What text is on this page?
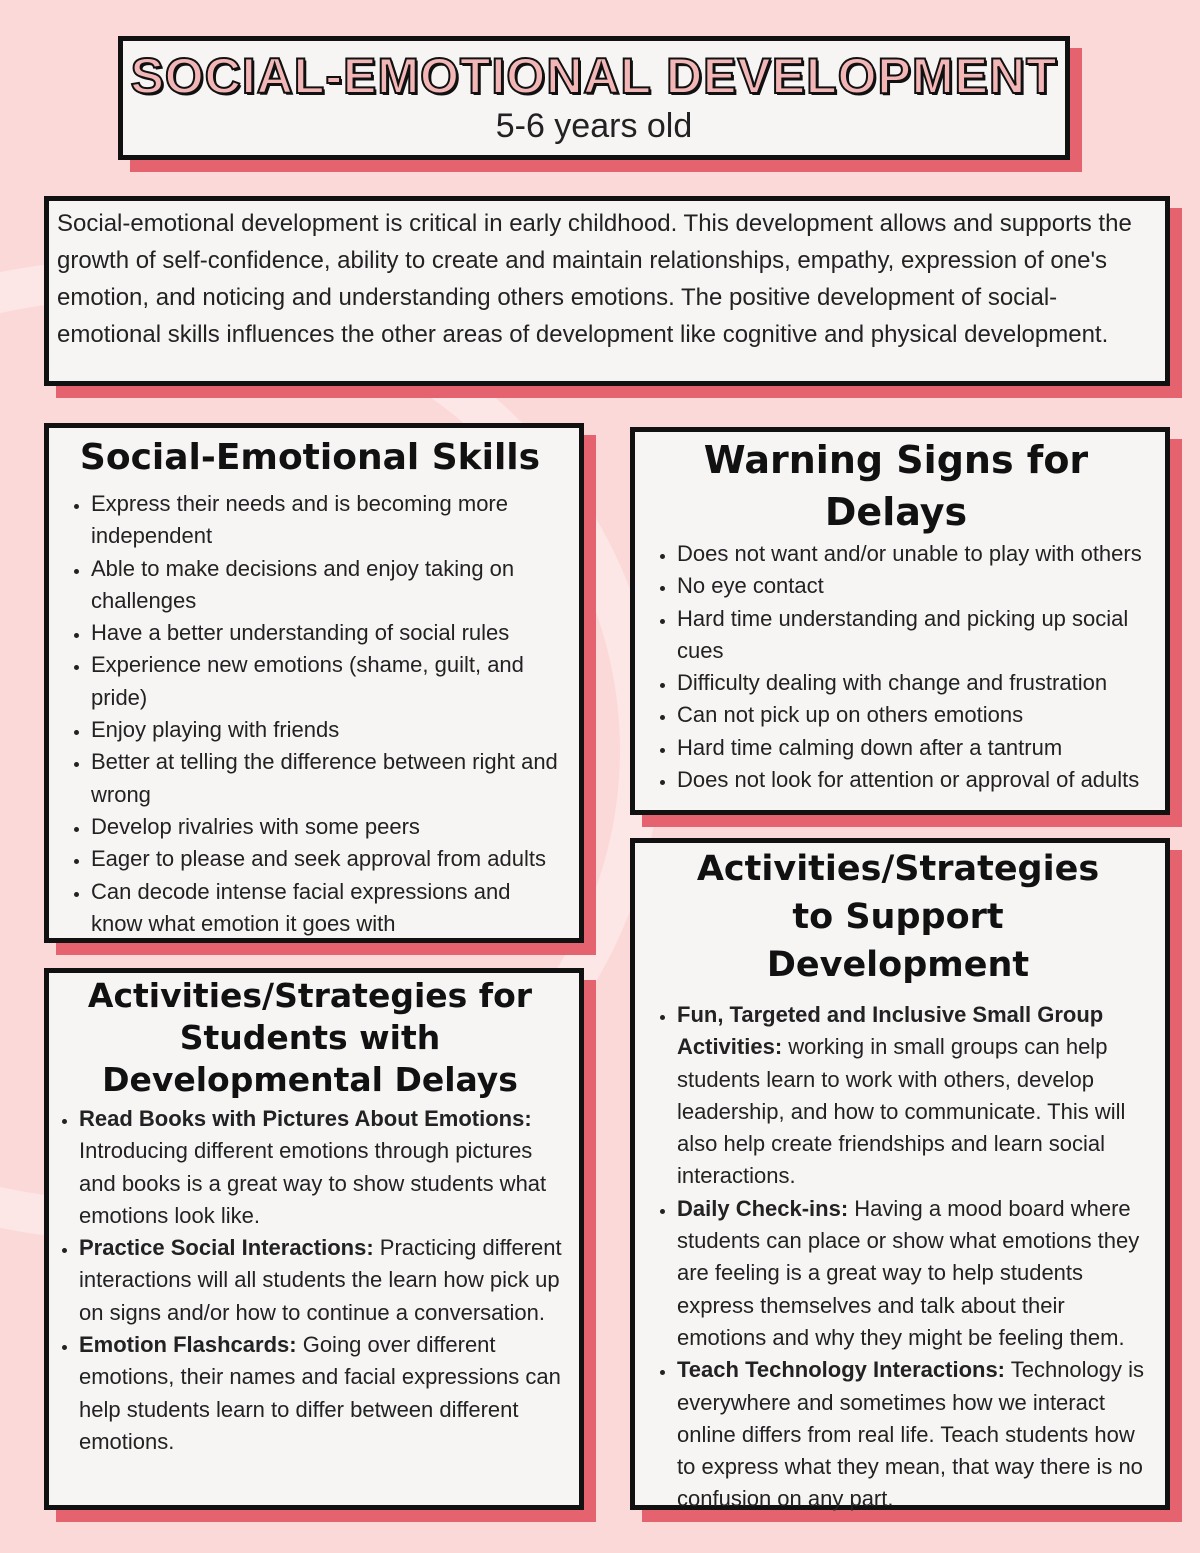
SOCIAL-EMOTIONAL DEVELOPMENT
5-6 years old
Social-emotional development is critical in early childhood. This development allows and supports the growth of self-confidence, ability to create and maintain relationships, empathy, expression of one's emotion, and noticing and understanding others emotions. The positive development of social-emotional skills influences the other areas of development like cognitive and physical development.
Social-Emotional Skills
• Express their needs and is becoming more independent
• Able to make decisions and enjoy taking on challenges
• Have a better understanding of social rules
• Experience new emotions (shame, guilt, and pride)
• Enjoy playing with friends
• Better at telling the difference between right and wrong
• Develop rivalries with some peers
• Eager to please and seek approval from adults
• Can decode intense facial expressions and know what emotion it goes with
Warning Signs for Delays
• Does not want and/or unable to play with others
• No eye contact
• Hard time understanding and picking up social cues
• Difficulty dealing with change and frustration
• Can not pick up on others emotions
• Hard time calming down after a tantrum
• Does not look for attention or approval of adults
Activities/Strategies for Students with Developmental Delays
• Read Books with Pictures About Emotions: Introducing different emotions through pictures and books is a great way to show students what emotions look like.
• Practice Social Interactions: Practicing different interactions will all students the learn how pick up on signs and/or how to continue a conversation.
• Emotion Flashcards: Going over different emotions, their names and facial expressions can help students learn to differ between different emotions.
Activities/Strategies to Support Development
• Fun, Targeted and Inclusive Small Group Activities: working in small groups can help students learn to work with others, develop leadership, and how to communicate. This will also help create friendships and learn social interactions.
• Daily Check-ins: Having a mood board where students can place or show what emotions they are feeling is a great way to help students express themselves and talk about their emotions and why they might be feeling them.
• Teach Technology Interactions: Technology is everywhere and sometimes how we interact online differs from real life. Teach students how to express what they mean, that way there is no confusion on any part.
